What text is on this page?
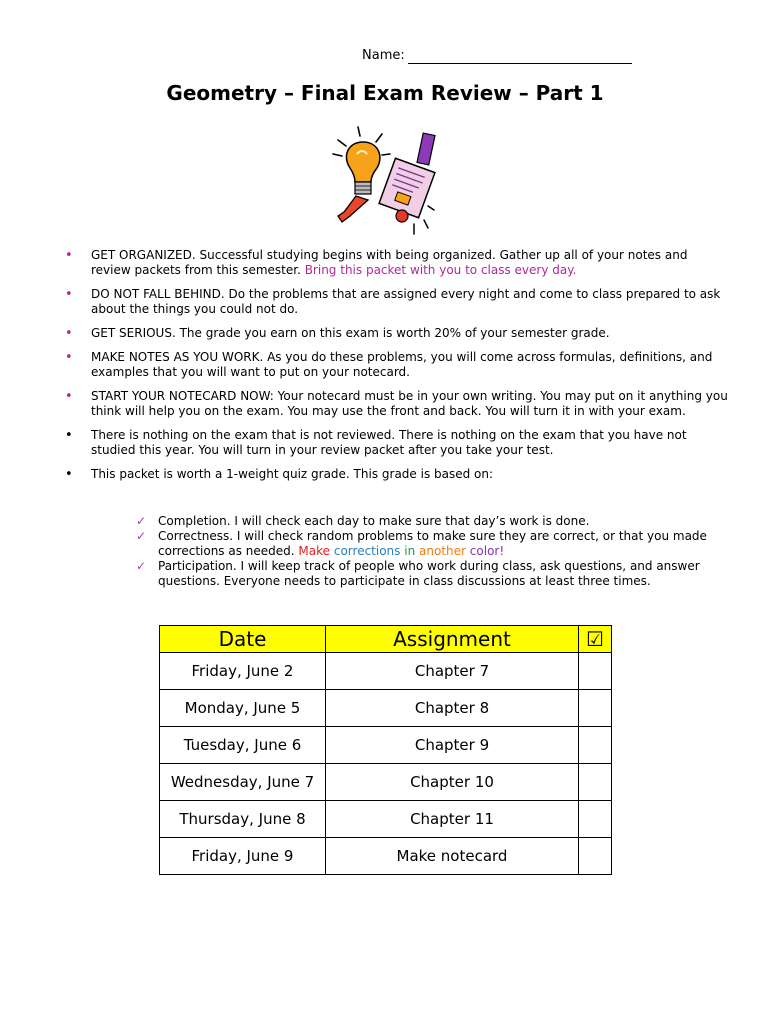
Name:
Geometry – Final Exam Review – Part 1
• GET ORGANIZED. Successful studying begins with being organized. Gather up all of your notes and review packets from this semester. Bring this packet with you to class every day.
• DO NOT FALL BEHIND. Do the problems that are assigned every night and come to class prepared to ask about the things you could not do.
• GET SERIOUS. The grade you earn on this exam is worth 20% of your semester grade.
• MAKE NOTES AS YOU WORK. As you do these problems, you will come across formulas, definitions, and examples that you will want to put on your notecard.
• START YOUR NOTECARD NOW: Your notecard must be in your own writing. You may put on it anything you think will help you on the exam. You may use the front and back. You will turn it in with your exam.
• There is nothing on the exam that is not reviewed. There is nothing on the exam that you have not studied this year. You will turn in your review packet after you take your test.
• This packet is worth a 1-weight quiz grade. This grade is based on:
✓ Completion. I will check each day to make sure that day’s work is done.
✓ Correctness. I will check random problems to make sure they are correct, or that you made corrections as needed. Make corrections in another color!
✓ Participation. I will keep track of people who work during class, ask questions, and answer questions. Everyone needs to participate in class discussions at least three times.
Date	Assignment	☑
Friday, June 2	Chapter 7	
Monday, June 5	Chapter 8	
Tuesday, June 6	Chapter 9	
Wednesday, June 7	Chapter 10	
Thursday, June 8	Chapter 11	
Friday, June 9	Make notecard	
